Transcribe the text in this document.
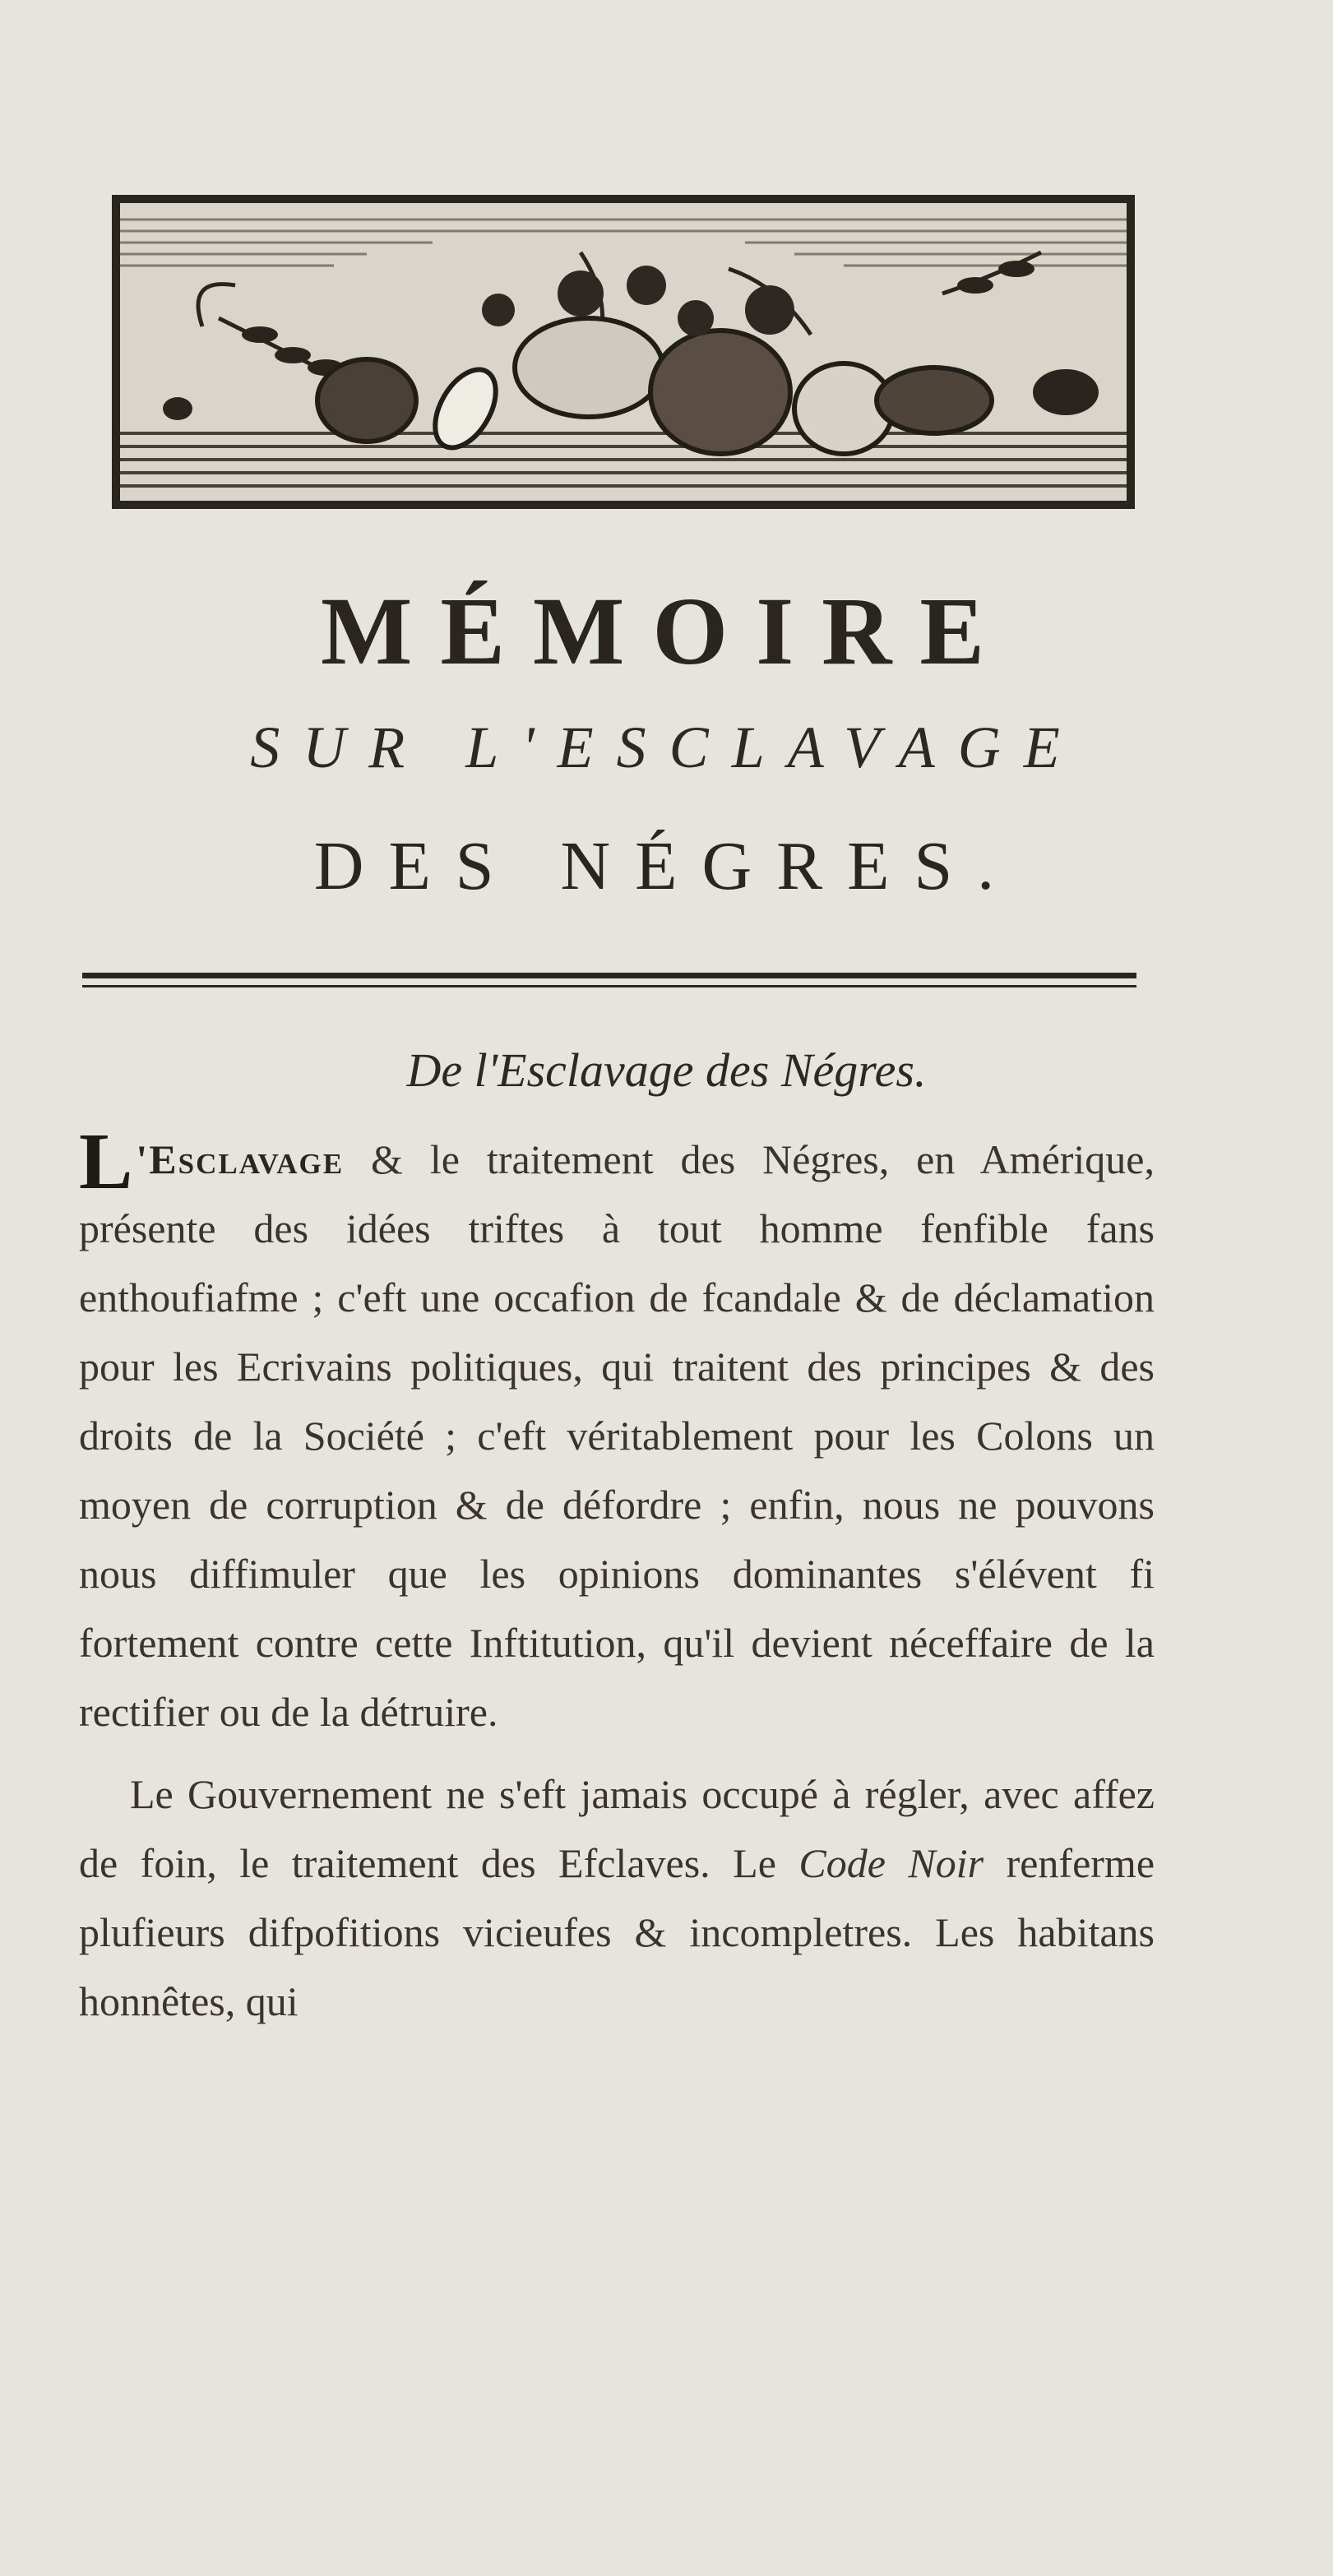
MÉMOIRE
SUR L'ESCLAVAGE
DES NÉGRES.
De l'Esclavage des Négres.

L 'Esclavage & le traitement des Négres, en Amérique, présente des idées triftes à tout homme fenfible fans enthoufiafme ; c'eft une occafion de fcandale & de déclamation pour les Ecrivains politiques, qui traitent des principes & des droits de la Société ; c'eft véritablement pour les Colons un moyen de corruption & de défordre ; enfin, nous ne pouvons nous diffimuler que les opinions dominantes s'élévent fi fortement contre cette Inftitution, qu'il devient néceffaire de la rectifier ou de la détruire.

Le Gouvernement ne s'eft jamais occupé à régler, avec affez de foin, le traitement des Efclaves. Le Code Noir renferme plufieurs difpofitions vicieufes & incompletres. Les habitans honnêtes, qui
